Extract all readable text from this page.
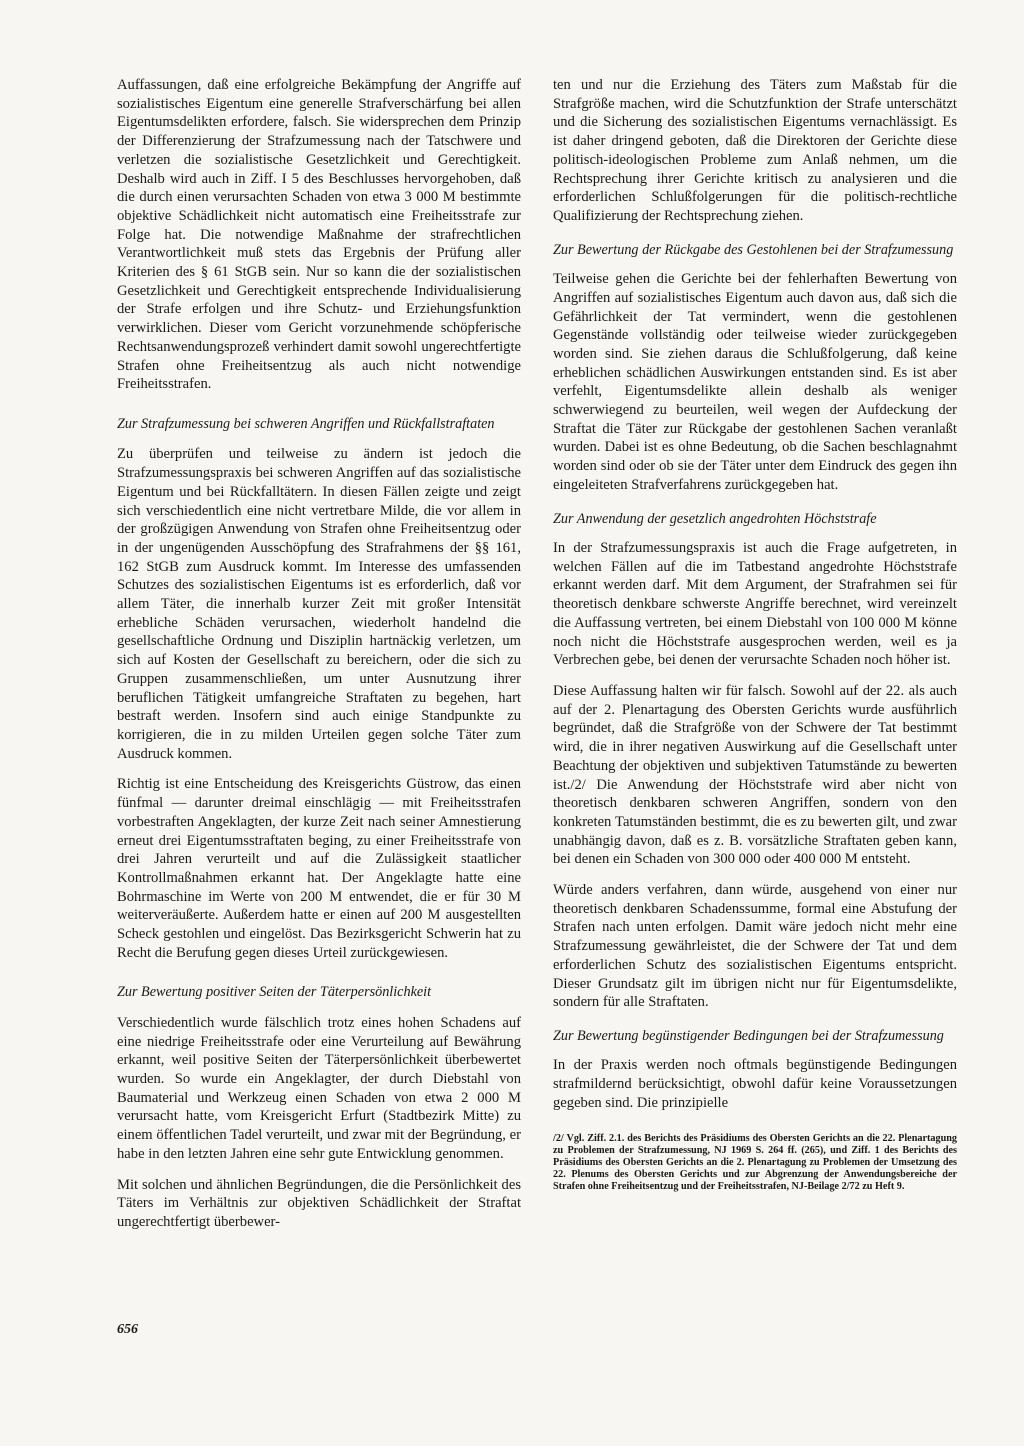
Auffassungen, daß eine erfolgreiche Bekämpfung der Angriffe auf sozialistisches Eigentum eine generelle Strafverschärfung bei allen Eigentumsdelikten erfordere, falsch. Sie widersprechen dem Prinzip der Differenzierung der Strafzumessung nach der Tatschwere und verletzen die sozialistische Gesetzlichkeit und Gerechtigkeit. Deshalb wird auch in Ziff. I 5 des Beschlusses hervorgehoben, daß die durch einen verursachten Schaden von etwa 3 000 M bestimmte objektive Schädlichkeit nicht automatisch eine Freiheitsstrafe zur Folge hat. Die notwendige Maßnahme der strafrechtlichen Verantwortlichkeit muß stets das Ergebnis der Prüfung aller Kriterien des § 61 StGB sein. Nur so kann die der sozialistischen Gesetzlichkeit und Gerechtigkeit entsprechende Individualisierung der Strafe erfolgen und ihre Schutz- und Erziehungsfunktion verwirklichen. Dieser vom Gericht vorzunehmende schöpferische Rechtsanwendungsprozeß verhindert damit sowohl ungerechtfertigte Strafen ohne Freiheitsentzug als auch nicht notwendige Freiheitsstrafen.

Zur Strafzumessung bei schweren Angriffen und Rückfallstraftaten

Zu überprüfen und teilweise zu ändern ist jedoch die Strafzumessungspraxis bei schweren Angriffen auf das sozialistische Eigentum und bei Rückfalltätern. In diesen Fällen zeigte und zeigt sich verschiedentlich eine nicht vertretbare Milde, die vor allem in der großzügigen Anwendung von Strafen ohne Freiheitsentzug oder in der ungenügenden Ausschöpfung des Strafrahmens der §§ 161, 162 StGB zum Ausdruck kommt. Im Interesse des umfassenden Schutzes des sozialistischen Eigentums ist es erforderlich, daß vor allem Täter, die innerhalb kurzer Zeit mit großer Intensität erhebliche Schäden verursachen, wiederholt handelnd die gesellschaftliche Ordnung und Disziplin hartnäckig verletzen, um sich auf Kosten der Gesellschaft zu bereichern, oder die sich zu Gruppen zusammenschließen, um unter Ausnutzung ihrer beruflichen Tätigkeit umfangreiche Straftaten zu begehen, hart bestraft werden. Insofern sind auch einige Standpunkte zu korrigieren, die in zu milden Urteilen gegen solche Täter zum Ausdruck kommen.

Richtig ist eine Entscheidung des Kreisgerichts Güstrow, das einen fünfmal — darunter dreimal einschlägig — mit Freiheitsstrafen vorbestraften Angeklagten, der kurze Zeit nach seiner Amnestierung erneut drei Eigentumsstraftaten beging, zu einer Freiheitsstrafe von drei Jahren verurteilt und auf die Zulässigkeit staatlicher Kontrollmaßnahmen erkannt hat. Der Angeklagte hatte eine Bohrmaschine im Werte von 200 M entwendet, die er für 30 M weiterveräußerte. Außerdem hatte er einen auf 200 M ausgestellten Scheck gestohlen und eingelöst. Das Bezirksgericht Schwerin hat zu Recht die Berufung gegen dieses Urteil zurückgewiesen.

Zur Bewertung positiver Seiten der Täterpersönlichkeit

Verschiedentlich wurde fälschlich trotz eines hohen Schadens auf eine niedrige Freiheitsstrafe oder eine Verurteilung auf Bewährung erkannt, weil positive Seiten der Täterpersönlichkeit überbewertet wurden. So wurde ein Angeklagter, der durch Diebstahl von Baumaterial und Werkzeug einen Schaden von etwa 2 000 M verursacht hatte, vom Kreisgericht Erfurt (Stadtbezirk Mitte) zu einem öffentlichen Tadel verurteilt, und zwar mit der Begründung, er habe in den letzten Jahren eine sehr gute Entwicklung genommen.

Mit solchen und ähnlichen Begründungen, die die Persönlichkeit des Täters im Verhältnis zur objektiven Schädlichkeit der Straftat ungerechtfertigt überbewer-

ten und nur die Erziehung des Täters zum Maßstab für die Strafgröße machen, wird die Schutzfunktion der Strafe unterschätzt und die Sicherung des sozialistischen Eigentums vernachlässigt. Es ist daher dringend geboten, daß die Direktoren der Gerichte diese politisch-ideologischen Probleme zum Anlaß nehmen, um die Rechtsprechung ihrer Gerichte kritisch zu analysieren und die erforderlichen Schlußfolgerungen für die politisch-rechtliche Qualifizierung der Rechtsprechung ziehen.

Zur Bewertung der Rückgabe des Gestohlenen bei der Strafzumessung

Teilweise gehen die Gerichte bei der fehlerhaften Bewertung von Angriffen auf sozialistisches Eigentum auch davon aus, daß sich die Gefährlichkeit der Tat vermindert, wenn die gestohlenen Gegenstände vollständig oder teilweise wieder zurückgegeben worden sind. Sie ziehen daraus die Schlußfolgerung, daß keine erheblichen schädlichen Auswirkungen entstanden sind. Es ist aber verfehlt, Eigentumsdelikte allein deshalb als weniger schwerwiegend zu beurteilen, weil wegen der Aufdeckung der Straftat die Täter zur Rückgabe der gestohlenen Sachen veranlaßt wurden. Dabei ist es ohne Bedeutung, ob die Sachen beschlagnahmt worden sind oder ob sie der Täter unter dem Eindruck des gegen ihn eingeleiteten Strafverfahrens zurückgegeben hat.

Zur Anwendung der gesetzlich angedrohten Höchststrafe

In der Strafzumessungspraxis ist auch die Frage aufgetreten, in welchen Fällen auf die im Tatbestand angedrohte Höchststrafe erkannt werden darf. Mit dem Argument, der Strafrahmen sei für theoretisch denkbare schwerste Angriffe berechnet, wird vereinzelt die Auffassung vertreten, bei einem Diebstahl von 100 000 M könne noch nicht die Höchststrafe ausgesprochen werden, weil es ja Verbrechen gebe, bei denen der verursachte Schaden noch höher ist.

Diese Auffassung halten wir für falsch. Sowohl auf der 22. als auch auf der 2. Plenartagung des Obersten Gerichts wurde ausführlich begründet, daß die Strafgröße von der Schwere der Tat bestimmt wird, die in ihrer negativen Auswirkung auf die Gesellschaft unter Beachtung der objektiven und subjektiven Tatumstände zu bewerten ist./2/ Die Anwendung der Höchststrafe wird aber nicht von theoretisch denkbaren schweren Angriffen, sondern von den konkreten Tatumständen bestimmt, die es zu bewerten gilt, und zwar unabhängig davon, daß es z. B. vorsätzliche Straftaten geben kann, bei denen ein Schaden von 300 000 oder 400 000 M entsteht.

Würde anders verfahren, dann würde, ausgehend von einer nur theoretisch denkbaren Schadenssumme, formal eine Abstufung der Strafen nach unten erfolgen. Damit wäre jedoch nicht mehr eine Strafzumessung gewährleistet, die der Schwere der Tat und dem erforderlichen Schutz des sozialistischen Eigentums entspricht. Dieser Grundsatz gilt im übrigen nicht nur für Eigentumsdelikte, sondern für alle Straftaten.

Zur Bewertung begünstigender Bedingungen bei der Strafzumessung

In der Praxis werden noch oftmals begünstigende Bedingungen strafmildernd berücksichtigt, obwohl dafür keine Voraussetzungen gegeben sind. Die prinzipielle

/2/ Vgl. Ziff. 2.1. des Berichts des Präsidiums des Obersten Gerichts an die 22. Plenartagung zu Problemen der Strafzumessung, NJ 1969 S. 264 ff. (265), und Ziff. 1 des Berichts des Präsidiums des Obersten Gerichts an die 2. Plenartagung zu Problemen der Umsetzung des 22. Plenums des Obersten Gerichts und zur Abgrenzung der Anwendungsbereiche der Strafen ohne Freiheitsentzug und der Freiheitsstrafen, NJ-Beilage 2/72 zu Heft 9.
656
